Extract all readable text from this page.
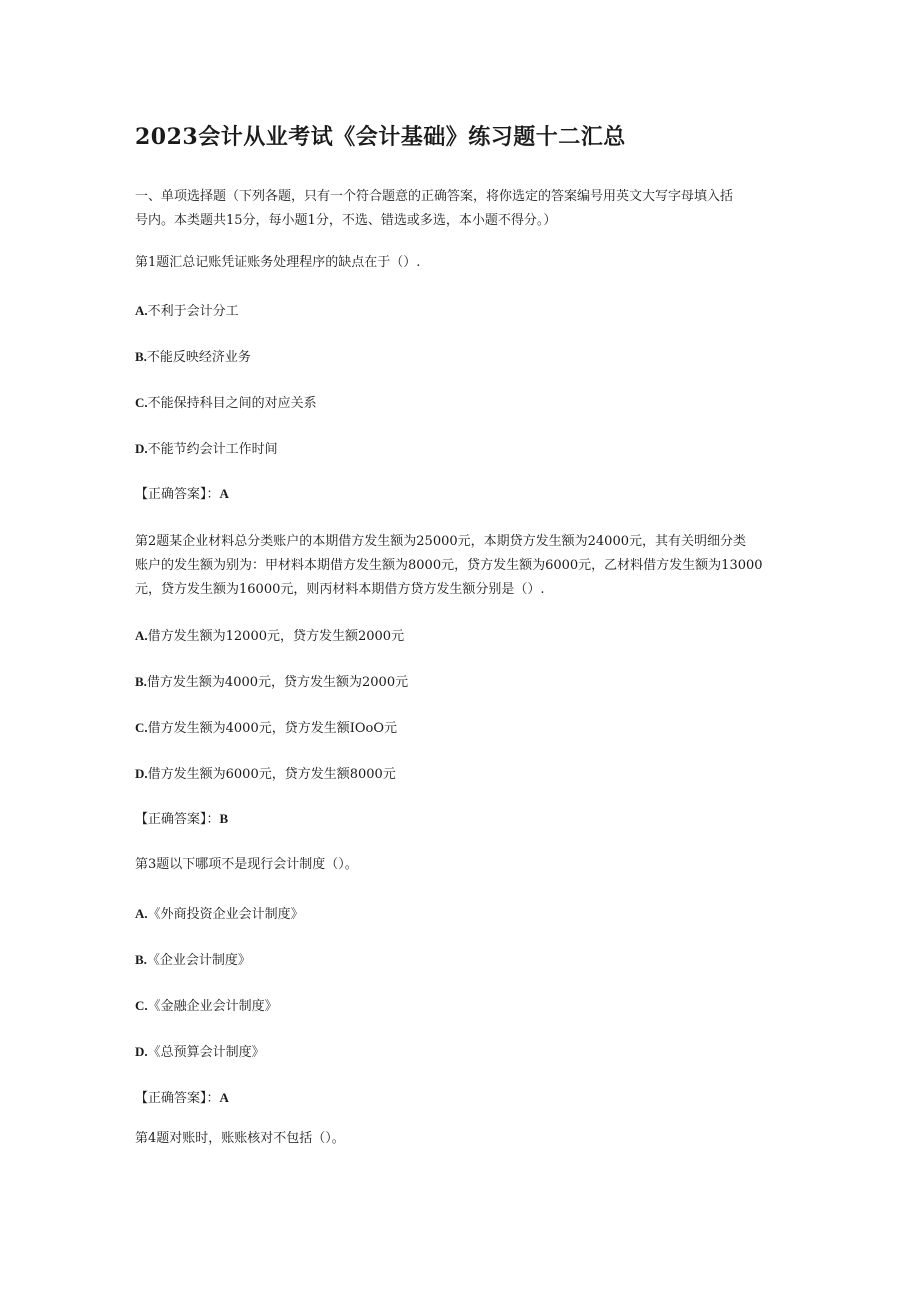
2023会计从业考试《会计基础》练习题十二汇总
一、单项选择题（下列各题，只有一个符合题意的正确答案，将你选定的答案编号用英文大写字母填入括
号内。本类题共15分，每小题1分，不选、错选或多选，本小题不得分。）
第1题汇总记账凭证账务处理程序的缺点在于（）.
A.不利于会计分工
B.不能反映经济业务
C.不能保持科目之间的对应关系
D.不能节约会计工作时间
【正确答案】：A
第2题某企业材料总分类账户的本期借方发生额为25000元，本期贷方发生额为24000元，其有关明细分类
账户的发生额为别为：甲材料本期借方发生额为8000元，贷方发生额为6000元，乙材料借方发生额为13000
元，贷方发生额为16000元，则丙材料本期借方贷方发生额分别是（）.
A.借方发生额为12000元，贷方发生额2000元
B.借方发生额为4000元，贷方发生额为2000元
C.借方发生额为4000元，贷方发生额IOoO元
D.借方发生额为6000元，贷方发生额8000元
【正确答案】：B
第3题以下哪项不是现行会计制度（）。
A.《外商投资企业会计制度》
B.《企业会计制度》
C.《金融企业会计制度》
D.《总预算会计制度》
【正确答案】：A
第4题对账时，账账核对不包括（）。
